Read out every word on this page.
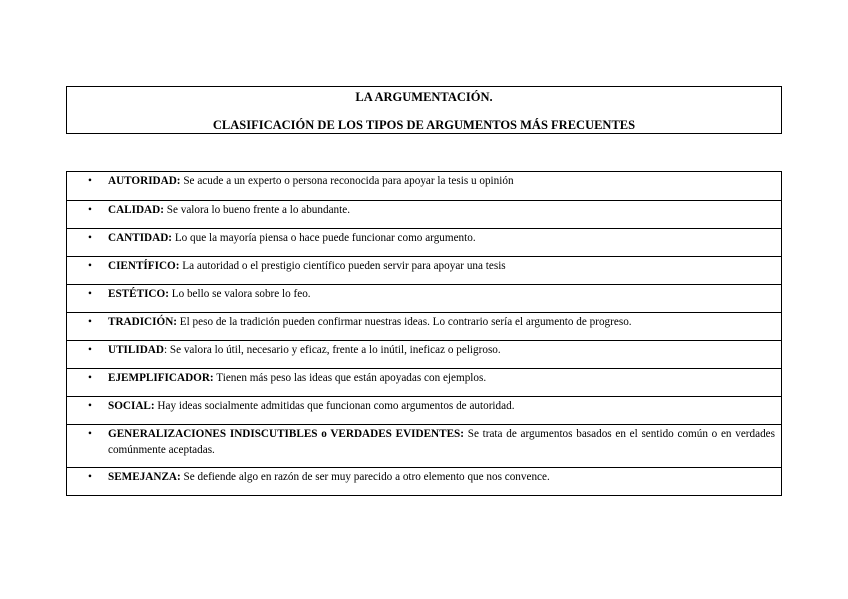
LA ARGUMENTACIÓN.
CLASIFICACIÓN DE LOS TIPOS DE ARGUMENTOS MÁS FRECUENTES
• AUTORIDAD: Se acude a un experto o persona reconocida para apoyar la tesis u opinión
• CALIDAD: Se valora lo bueno frente a lo abundante.
• CANTIDAD: Lo que la mayoría piensa o hace puede funcionar como argumento.
• CIENTÍFICO: La autoridad o el prestigio científico pueden servir para apoyar una tesis
• ESTÉTICO: Lo bello se valora sobre lo feo.
• TRADICIÓN: El peso de la tradición pueden confirmar nuestras ideas. Lo contrario sería el argumento de progreso.
• UTILIDAD: Se valora lo útil, necesario y eficaz, frente a lo inútil, ineficaz o peligroso.
• EJEMPLIFICADOR: Tienen más peso las ideas que están apoyadas con ejemplos.
• SOCIAL: Hay ideas socialmente admitidas que funcionan como argumentos de autoridad.
• GENERALIZACIONES INDISCUTIBLES o VERDADES EVIDENTES: Se trata de argumentos basados en el sentido común o en verdades comúnmente aceptadas.
• SEMEJANZA: Se defiende algo en razón de ser muy parecido a otro elemento que nos convence.
